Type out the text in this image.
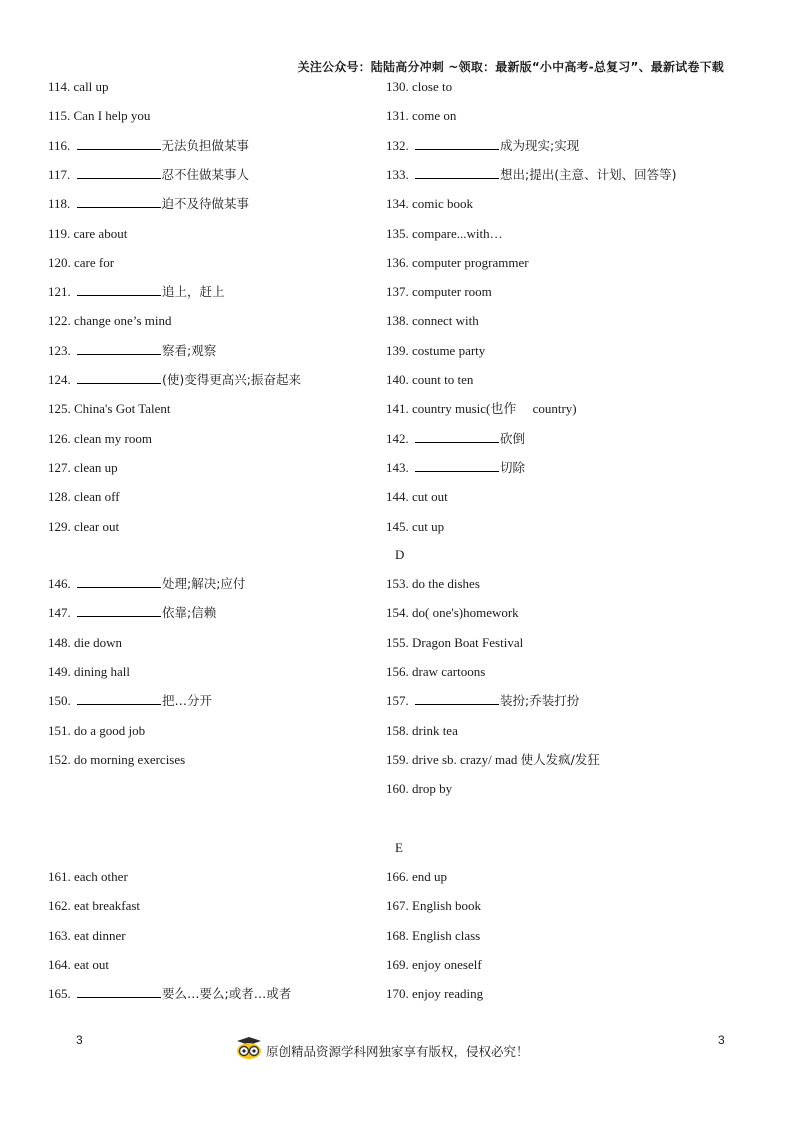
关注公众号：陆陆高分冲刺 ~领取：最新版“小中高考-总复习”、最新试卷下载
114. call up
115. Can I help you
116.	无法负担做某事
117.	忍不住做某事人
118.	迫不及待做某事
119. care about
120. care for
121.	追上，赶上
122. change one’s mind
123.	察看;观察
124.	(使)变得更高兴;振奋起来
125. China's Got Talent
126. clean my room
127. clean up
128. clean off
129. clear out
130. close to
131. come on
132.	成为现实;实现
133.	想出;提出(主意、计划、回答等)
134. comic book
135. compare...with…
136. computer programmer
137. computer room
138. connect with
139. costume party
140. count to ten
141. country music(也作　 country)
142.	砍倒
143.	切除
144. cut out
145. cut up
146.	处理;解决;应付
147.	依靠;信赖
148. die down
149. dining hall
150.	把…分开
151. do a good job
152. do morning exercises
153. do the dishes
154. do( one's)homework
155. Dragon Boat Festival
156. draw cartoons
157.	装扮;乔装打扮
158. drink tea
159. drive sb. crazy/ mad 使人发疯/发狂
160. drop by
161. each other
162. eat breakfast
163. eat dinner
164. eat out
165.	要么…要么;或者…或者
166. end up
167. English book
168. English class
169. enjoy oneself
170. enjoy reading
D
E
3	3
原创精品资源学科网独家享有版权，侵权必究！
